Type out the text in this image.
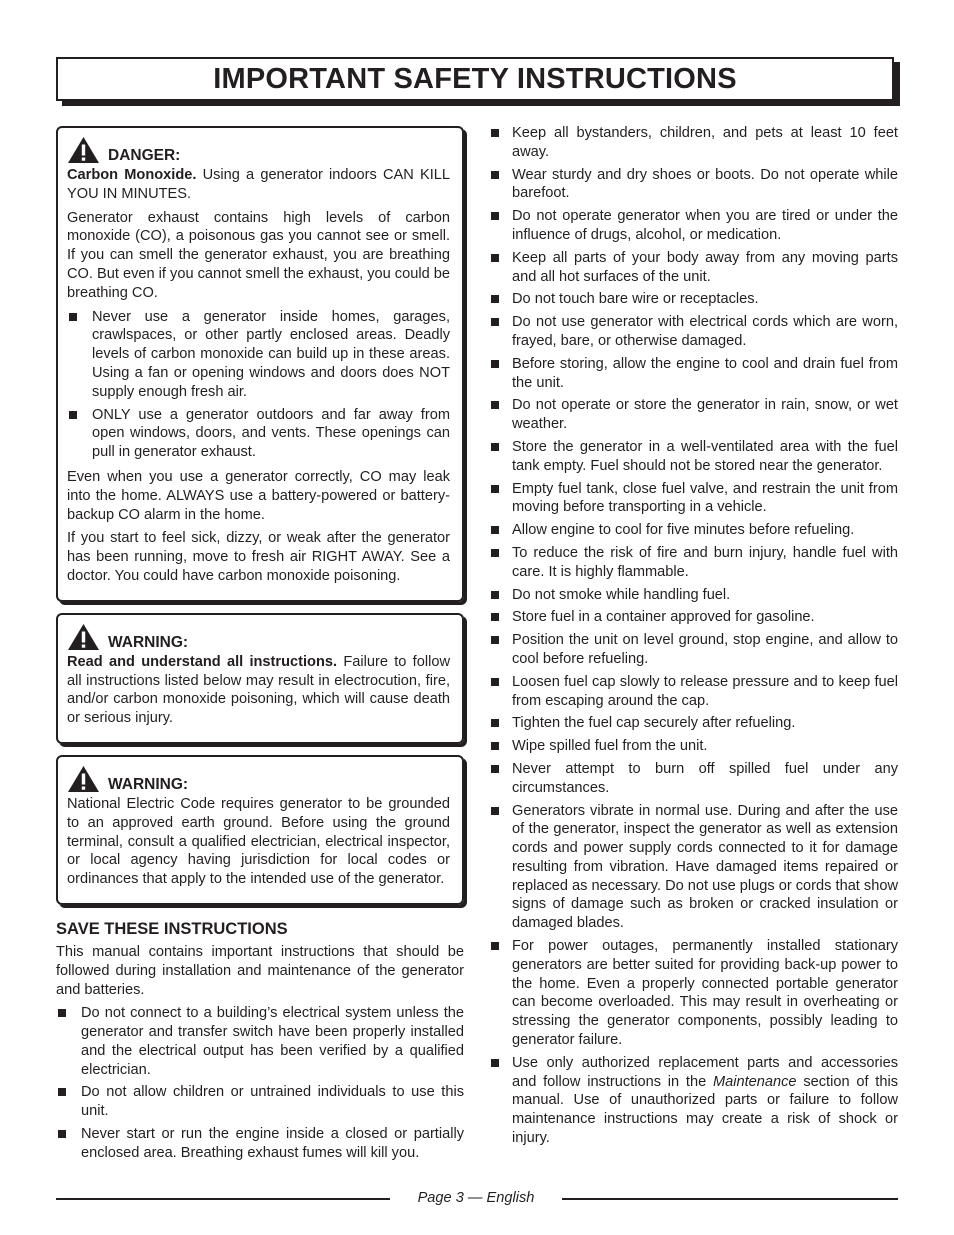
IMPORTANT SAFETY INSTRUCTIONS
DANGER:

Carbon Monoxide. Using a generator indoors CAN KILL YOU IN MINUTES.

Generator exhaust contains high levels of carbon monoxide (CO), a poisonous gas you cannot see or smell. If you can smell the generator exhaust, you are breathing CO. But even if you cannot smell the exhaust, you could be breathing CO.

Never use a generator inside homes, garages, crawlspaces, or other partly enclosed areas. Deadly levels of carbon monoxide can build up in these areas. Using a fan or opening windows and doors does NOT supply enough fresh air.
ONLY use a generator outdoors and far away from open windows, doors, and vents. These openings can pull in generator exhaust.

Even when you use a generator correctly, CO may leak into the home. ALWAYS use a battery-powered or battery-backup CO alarm in the home.

If you start to feel sick, dizzy, or weak after the generator has been running, move to fresh air RIGHT AWAY. See a doctor. You could have carbon monoxide poisoning.

WARNING:

Read and understand all instructions. Failure to follow all instructions listed below may result in electrocution, fire, and/or carbon monoxide poisoning, which will cause death or serious injury.

WARNING:

National Electric Code requires generator to be grounded to an approved earth ground. Before using the ground terminal, consult a qualified electrician, electrical inspector, or local agency having jurisdiction for local codes or ordinances that apply to the intended use of the generator.

SAVE THESE INSTRUCTIONS

This manual contains important instructions that should be followed during installation and maintenance of the generator and batteries.

Do not connect to a building’s electrical system unless the generator and transfer switch have been properly installed and the electrical output has been verified by a qualified electrician.
Do not allow children or untrained individuals to use this unit.
Never start or run the engine inside a closed or partially enclosed area. Breathing exhaust fumes will kill you.
Keep all bystanders, children, and pets at least 10 feet away.
Wear sturdy and dry shoes or boots. Do not operate while barefoot.
Do not operate generator when you are tired or under the influence of drugs, alcohol, or medication.
Keep all parts of your body away from any moving parts and all hot surfaces of the unit.
Do not touch bare wire or receptacles.
Do not use generator with electrical cords which are worn, frayed, bare, or otherwise damaged.
Before storing, allow the engine to cool and drain fuel from the unit.
Do not operate or store the generator in rain, snow, or wet weather.
Store the generator in a well-ventilated area with the fuel tank empty. Fuel should not be stored near the generator.
Empty fuel tank, close fuel valve, and restrain the unit from moving before transporting in a vehicle.
Allow engine to cool for five minutes before refueling.
To reduce the risk of fire and burn injury, handle fuel with care. It is highly flammable.
Do not smoke while handling fuel.
Store fuel in a container approved for gasoline.
Position the unit on level ground, stop engine, and allow to cool before refueling.
Loosen fuel cap slowly to release pressure and to keep fuel from escaping around the cap.
Tighten the fuel cap securely after refueling.
Wipe spilled fuel from the unit.
Never attempt to burn off spilled fuel under any circumstances.
Generators vibrate in normal use. During and after the use of the generator, inspect the generator as well as extension cords and power supply cords connected to it for damage resulting from vibration. Have damaged items repaired or replaced as necessary. Do not use plugs or cords that show signs of damage such as broken or cracked insulation or damaged blades.
For power outages, permanently installed stationary generators are better suited for providing back-up power to the home. Even a properly connected portable generator can become overloaded. This may result in overheating or stressing the generator components, possibly leading to generator failure.
Use only authorized replacement parts and accessories and follow instructions in the Maintenance section of this manual. Use of unauthorized parts or failure to follow maintenance instructions may create a risk of shock or injury.
Page 3 — English
